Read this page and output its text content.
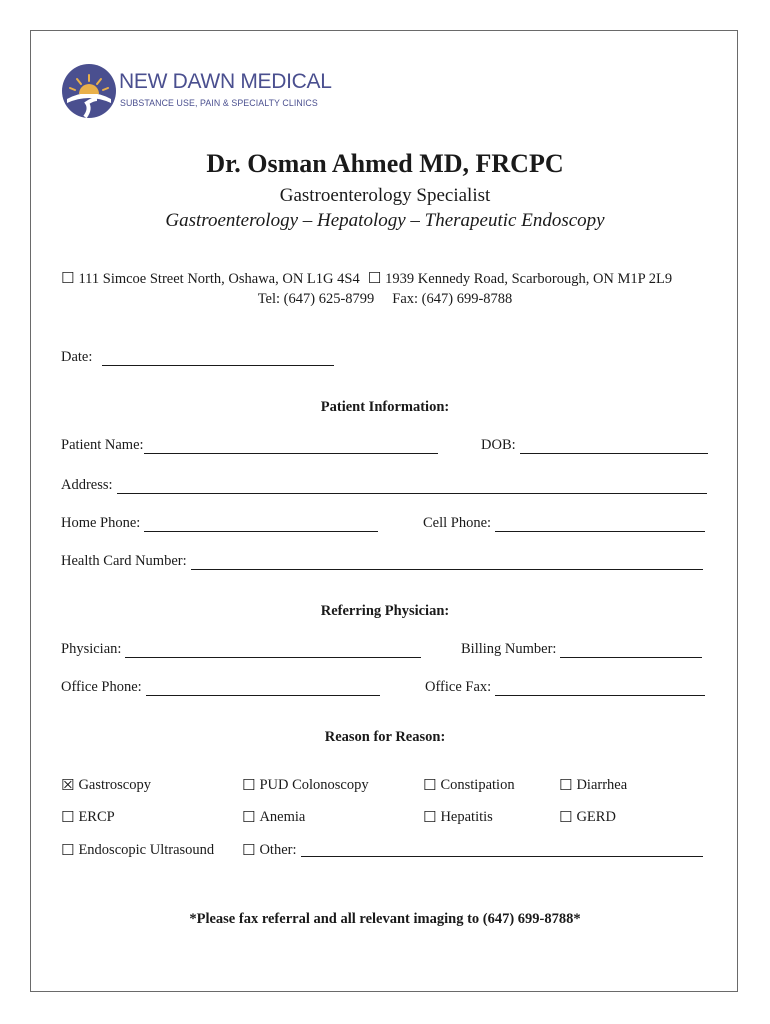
NEW DAWN MEDICAL
SUBSTANCE USE, PAIN & SPECIALTY CLINICS
Dr. Osman Ahmed MD, FRCPC
Gastroenterology Specialist
Gastroenterology – Hepatology – Therapeutic Endoscopy
☐ 111 Simcoe Street North, Oshawa, ON L1G 4S4 ☐ 1939 Kennedy Road, Scarborough, ON M1P 2L9
Tel: (647) 625-8799 Fax: (647) 699-8788
Date:
Patient Information:
Patient Name:	DOB:
Address:
Home Phone:	Cell Phone:
Health Card Number:
Referring Physician:
Physician:	Billing Number:
Office Phone:	Office Fax:
Reason for Reason:
☒ Gastroscopy	☐ PUD Colonoscopy	☐ Constipation	☐ Diarrhea
☐ ERCP	☐ Anemia	☐ Hepatitis	☐ GERD
☐ Endoscopic Ultrasound ☐ Other:
*Please fax referral and all relevant imaging to (647) 699-8788*
